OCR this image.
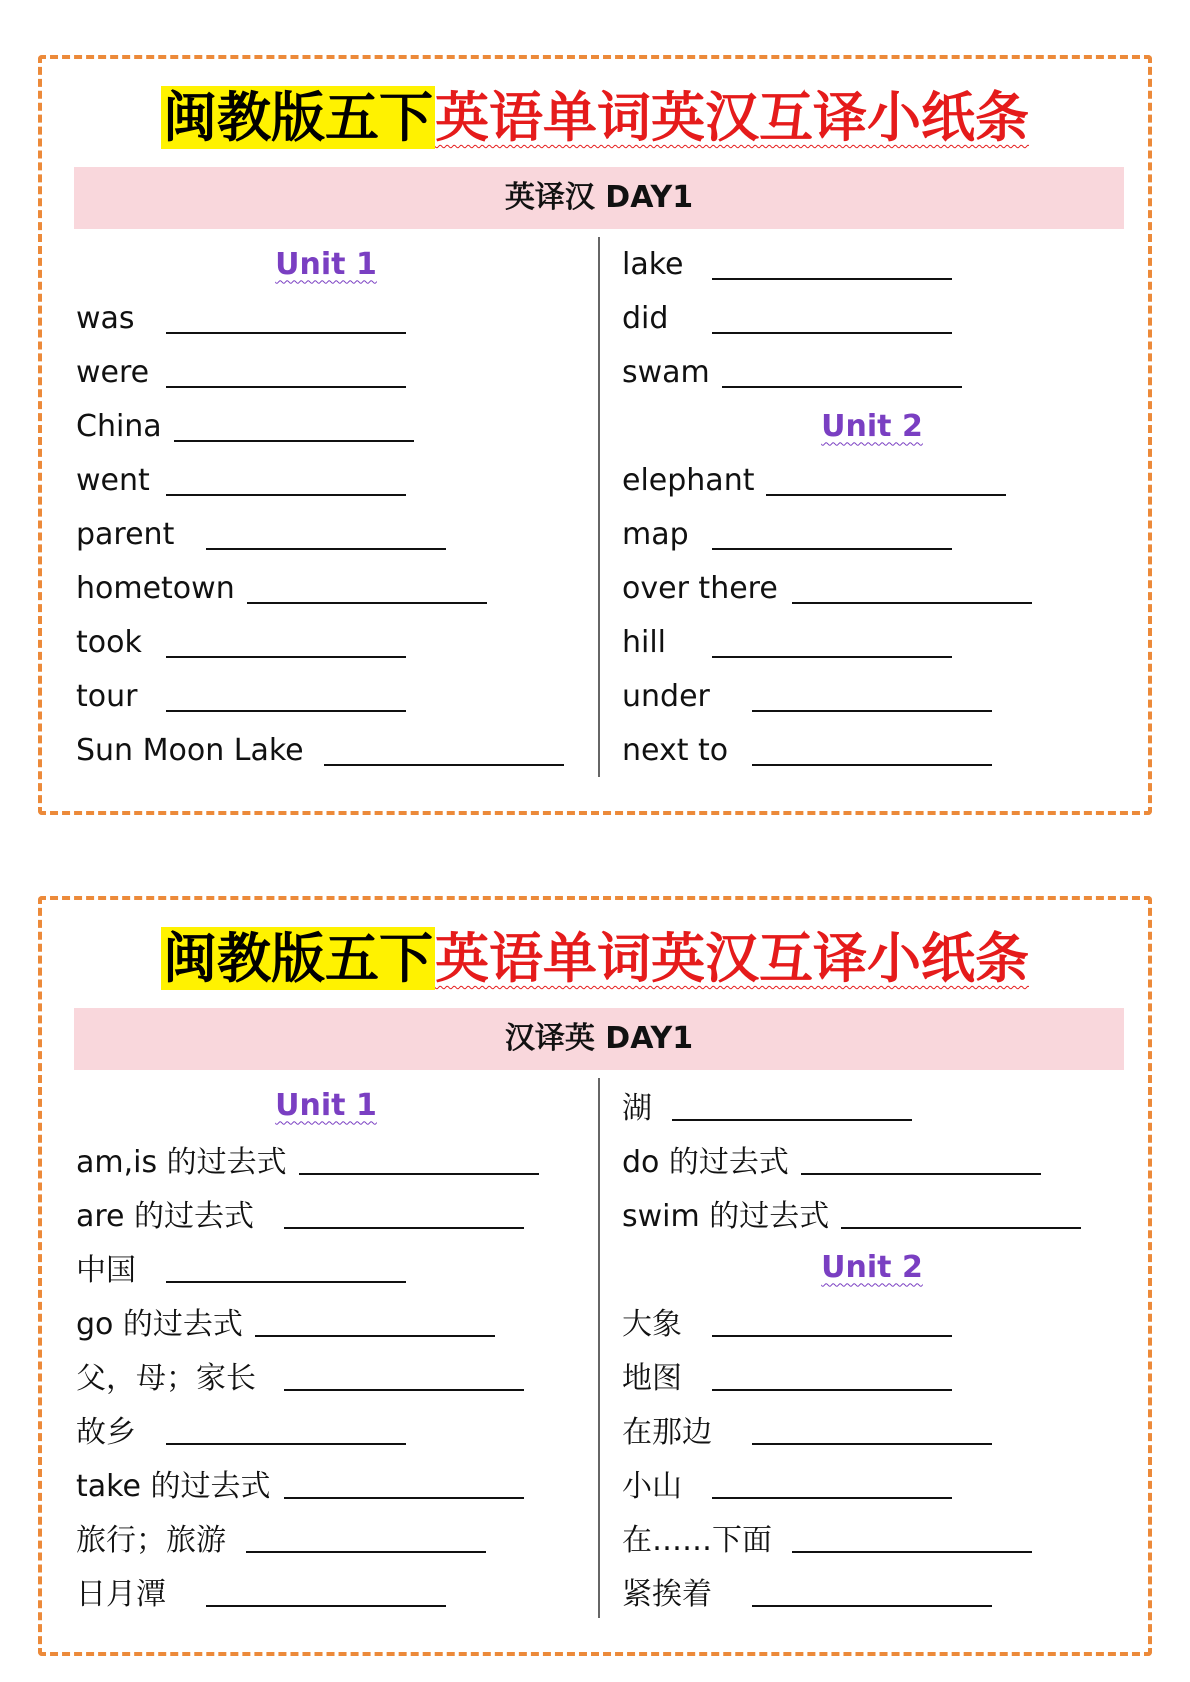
闽教版五下英语单词英汉互译小纸条
英译汉 DAY1
Unit 1
was
were
China
went
parent
hometown
took
tour
Sun Moon Lake
lake
did
swam
Unit 2
elephant
map
over there
hill
under
next to
闽教版五下英语单词英汉互译小纸条
汉译英 DAY1
Unit 1
am,is 的过去式
are 的过去式
中国
go 的过去式
父，母；家长
故乡
take 的过去式
旅行；旅游
日月潭
湖
do 的过去式
swim 的过去式
Unit 2
大象
地图
在那边
小山
在……下面
紧挨着
